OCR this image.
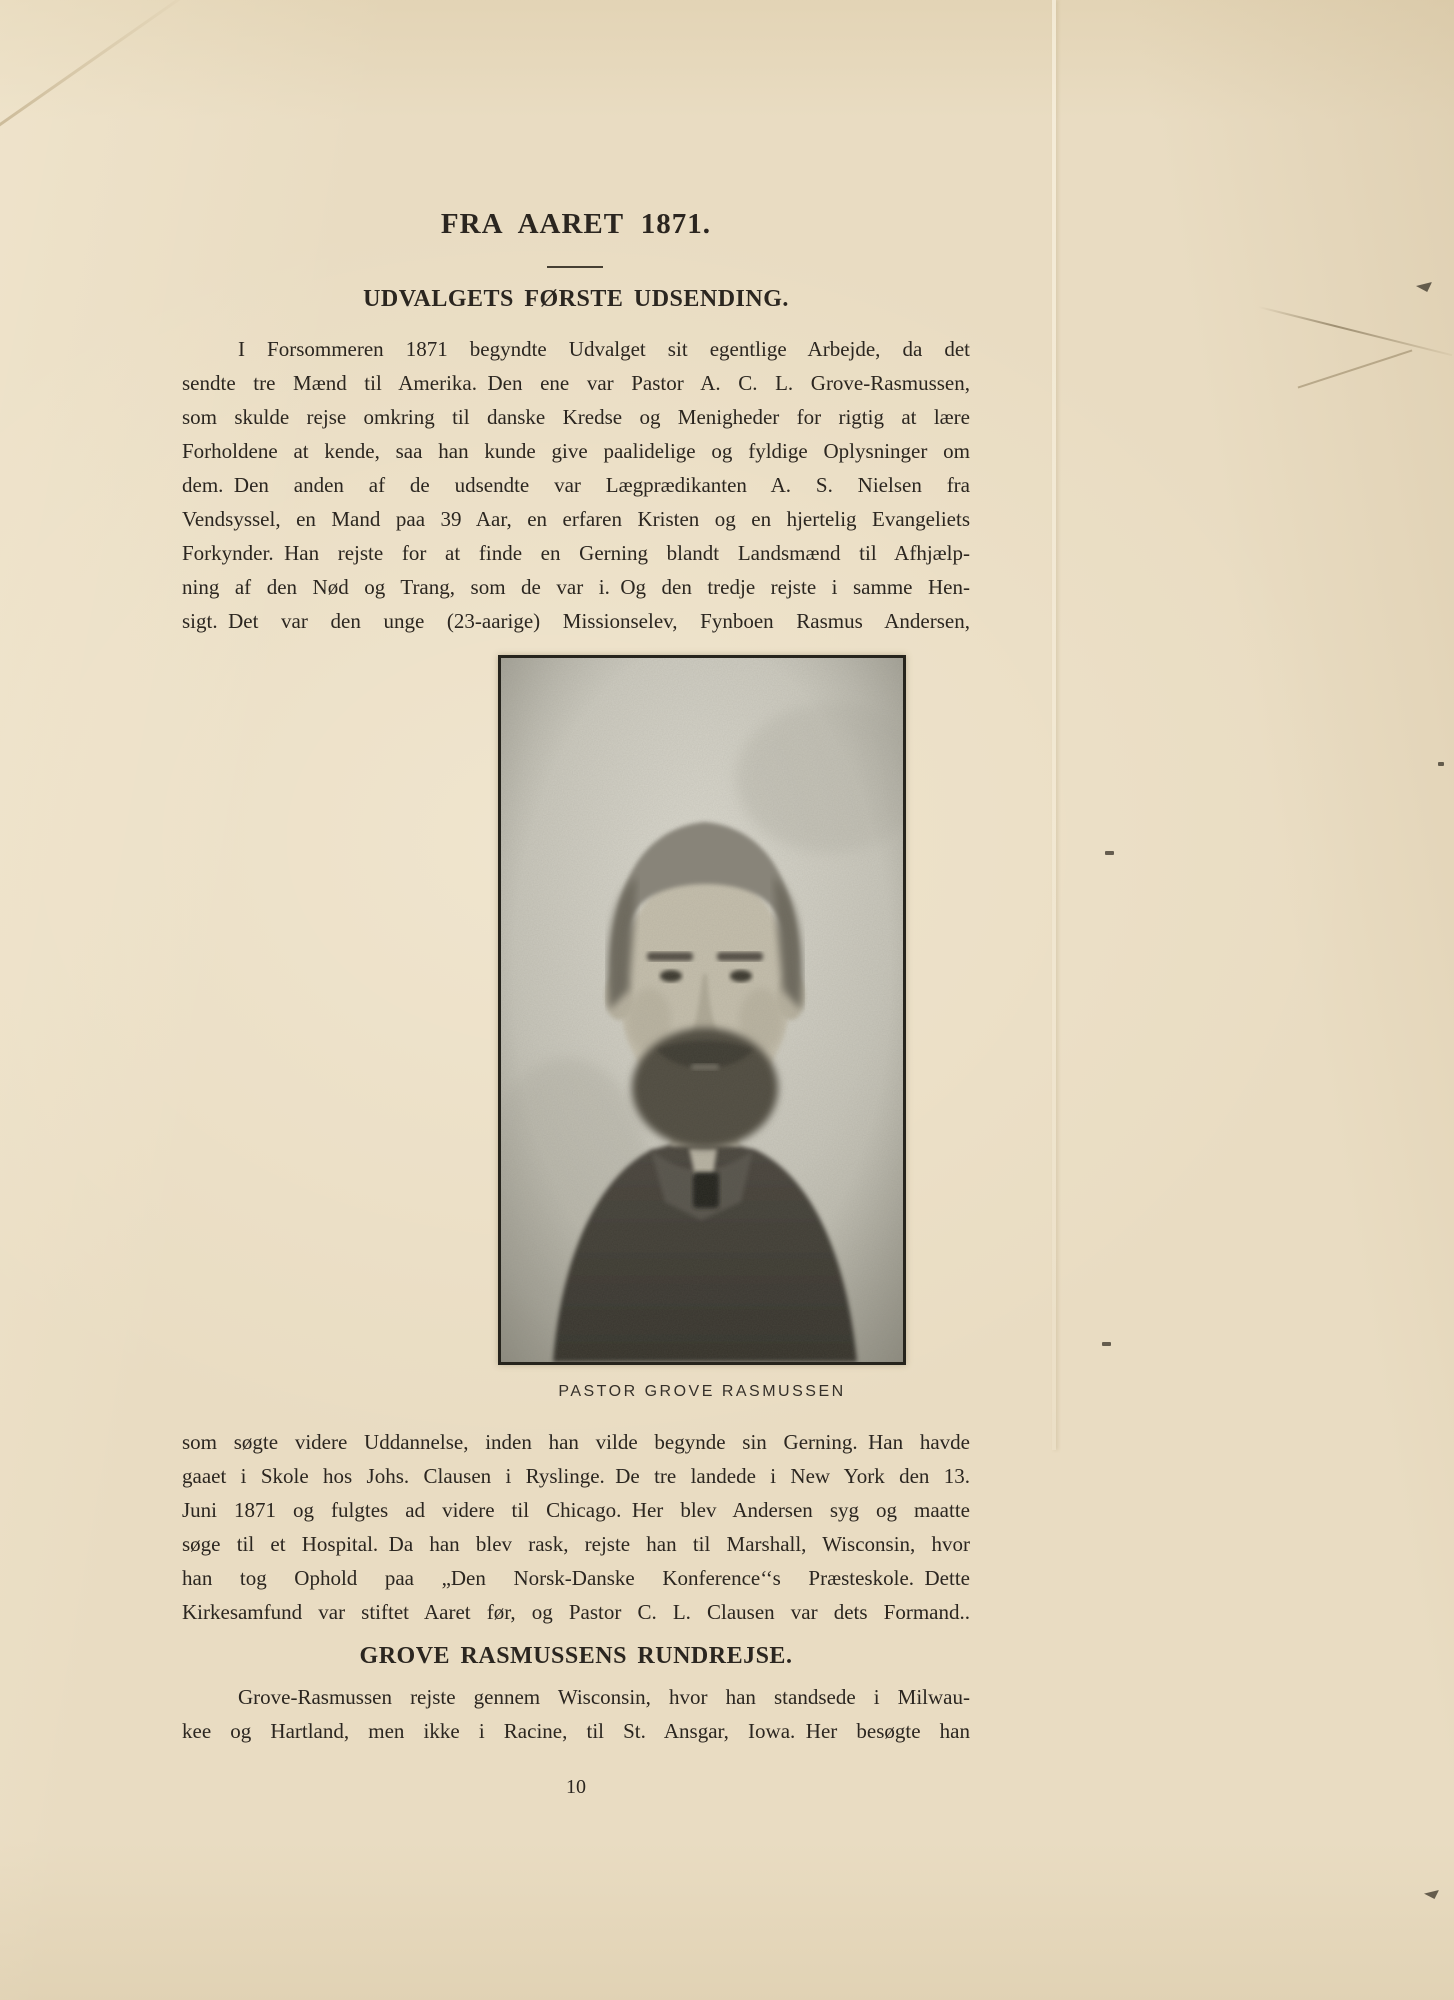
FRA AARET 1871.
UDVALGETS FØRSTE UDSENDING.
I Forsommeren 1871 begyndte Udvalget sit egentlige Arbejde, da det
sendte tre Mænd til Amerika. Den ene var Pastor A. C. L. Grove-Rasmussen,
som skulde rejse omkring til danske Kredse og Menigheder for rigtig at lære
Forholdene at kende, saa han kunde give paalidelige og fyldige Oplysninger om
dem. Den anden af de udsendte var Lægprædikanten A. S. Nielsen fra
Vendsyssel, en Mand paa 39 Aar, en erfaren Kristen og en hjertelig Evangeliets
Forkynder. Han rejste for at finde en Gerning blandt Landsmænd til Afhjælp-
ning af den Nød og Trang, som de var i. Og den tredje rejste i samme Hen-
sigt. Det var den unge (23-aarige) Missionselev, Fynboen Rasmus Andersen,
PASTOR GROVE RASMUSSEN
som søgte videre Uddannelse, inden han vilde begynde sin Gerning. Han havde
gaaet i Skole hos Johs. Clausen i Ryslinge. De tre landede i New York den 13.
Juni 1871 og fulgtes ad videre til Chicago. Her blev Andersen syg og maatte
søge til et Hospital. Da han blev rask, rejste han til Marshall, Wisconsin, hvor
han tog Ophold paa „Den Norsk-Danske Konference‘‘s Præsteskole. Dette
Kirkesamfund var stiftet Aaret før, og Pastor C. L. Clausen var dets Formand..
GROVE RASMUSSENS RUNDREJSE.
Grove-Rasmussen rejste gennem Wisconsin, hvor han standsede i Milwau-
kee og Hartland, men ikke i Racine, til St. Ansgar, Iowa. Her besøgte han
10
